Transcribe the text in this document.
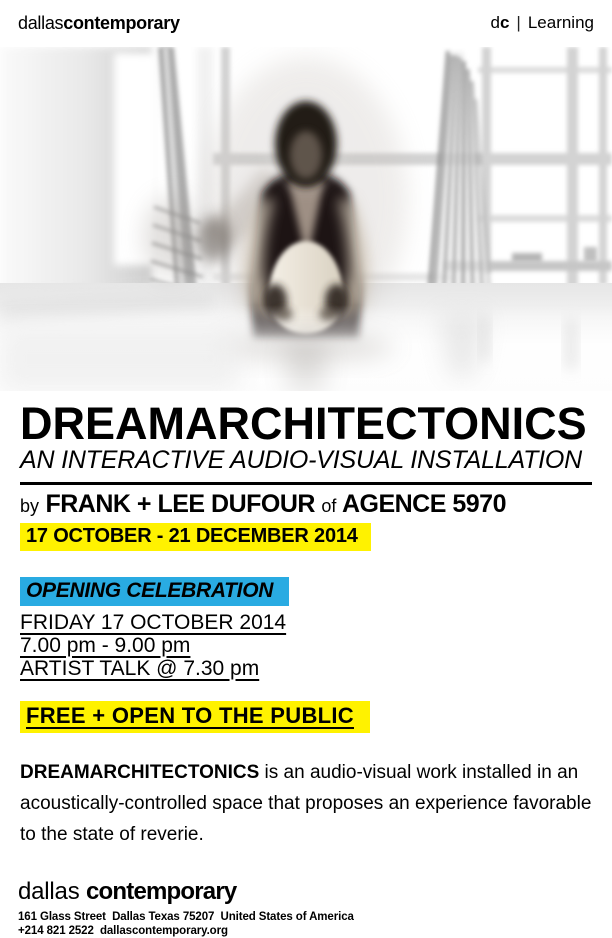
dallascontemporary	dc | Learning
DREAMARCHITECTONICS
AN INTERACTIVE AUDIO-VISUAL INSTALLATION
by FRANK + LEE DUFOUR of AGENCE 5970
17 OCTOBER - 21 DECEMBER 2014
OPENING CELEBRATION
FRIDAY 17 OCTOBER 2014
7.00 pm - 9.00 pm
ARTIST TALK @ 7.30 pm
FREE + OPEN TO THE PUBLIC
DREAMARCHITECTONICS is an audio-visual work installed in an
acoustically-controlled space that proposes an experience favorable
to the state of reverie.
dallas contemporary
161 Glass Street  Dallas Texas 75207  United States of America
+214 821 2522  dallascontemporary.org
